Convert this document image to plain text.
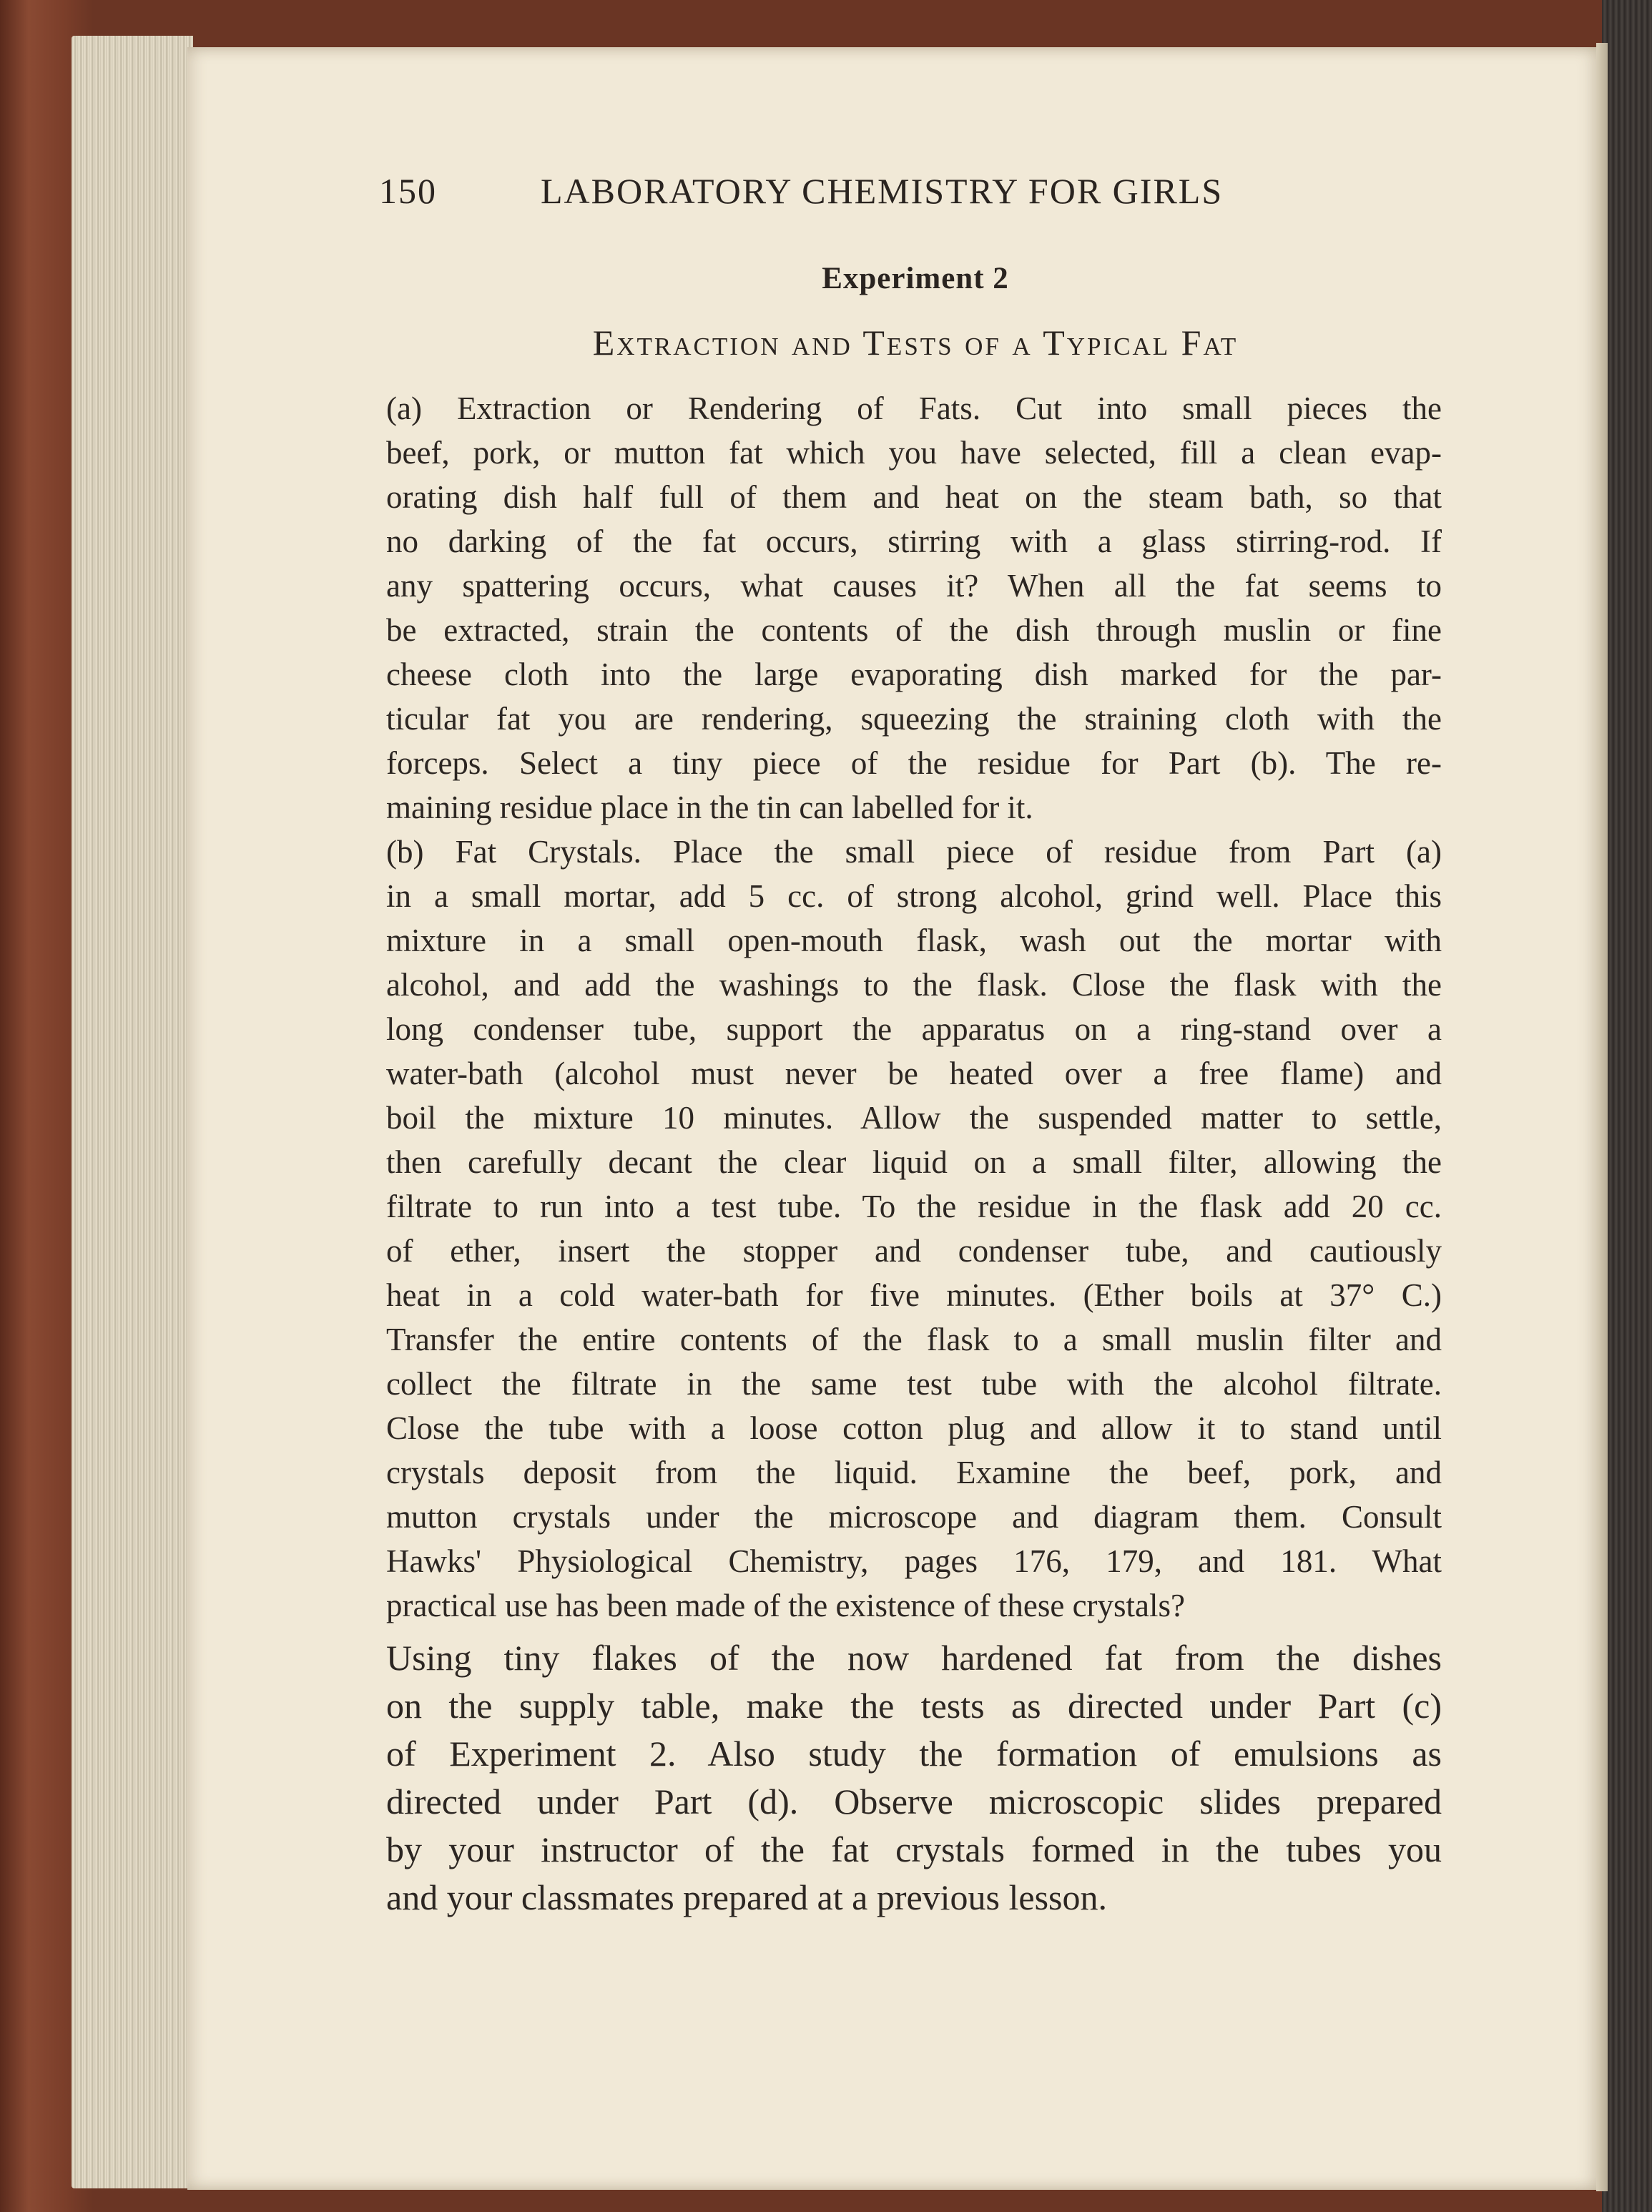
150	LABORATORY CHEMISTRY FOR GIRLS
Experiment 2
Extraction and Tests of a Typical Fat
(a) Extraction or Rendering of Fats. Cut into small pieces the
beef, pork, or mutton fat which you have selected, fill a clean evap-
orating dish half full of them and heat on the steam bath, so that
no darking of the fat occurs, stirring with a glass stirring-rod. If
any spattering occurs, what causes it? When all the fat seems to
be extracted, strain the contents of the dish through muslin or fine
cheese cloth into the large evaporating dish marked for the par-
ticular fat you are rendering, squeezing the straining cloth with the
forceps. Select a tiny piece of the residue for Part (b). The re-
maining residue place in the tin can labelled for it.
(b) Fat Crystals. Place the small piece of residue from Part (a)
in a small mortar, add 5 cc. of strong alcohol, grind well. Place this
mixture in a small open-mouth flask, wash out the mortar with
alcohol, and add the washings to the flask. Close the flask with the
long condenser tube, support the apparatus on a ring-stand over a
water-bath (alcohol must never be heated over a free flame) and
boil the mixture 10 minutes. Allow the suspended matter to settle,
then carefully decant the clear liquid on a small filter, allowing the
filtrate to run into a test tube. To the residue in the flask add 20 cc.
of ether, insert the stopper and condenser tube, and cautiously
heat in a cold water-bath for five minutes. (Ether boils at 37° C.)
Transfer the entire contents of the flask to a small muslin filter and
collect the filtrate in the same test tube with the alcohol filtrate.
Close the tube with a loose cotton plug and allow it to stand until
crystals deposit from the liquid. Examine the beef, pork, and
mutton crystals under the microscope and diagram them. Consult
Hawks' Physiological Chemistry, pages 176, 179, and 181. What
practical use has been made of the existence of these crystals?
Using tiny flakes of the now hardened fat from the dishes
on the supply table, make the tests as directed under Part (c)
of Experiment 2. Also study the formation of emulsions as
directed under Part (d). Observe microscopic slides prepared
by your instructor of the fat crystals formed in the tubes you
and your classmates prepared at a previous lesson.
